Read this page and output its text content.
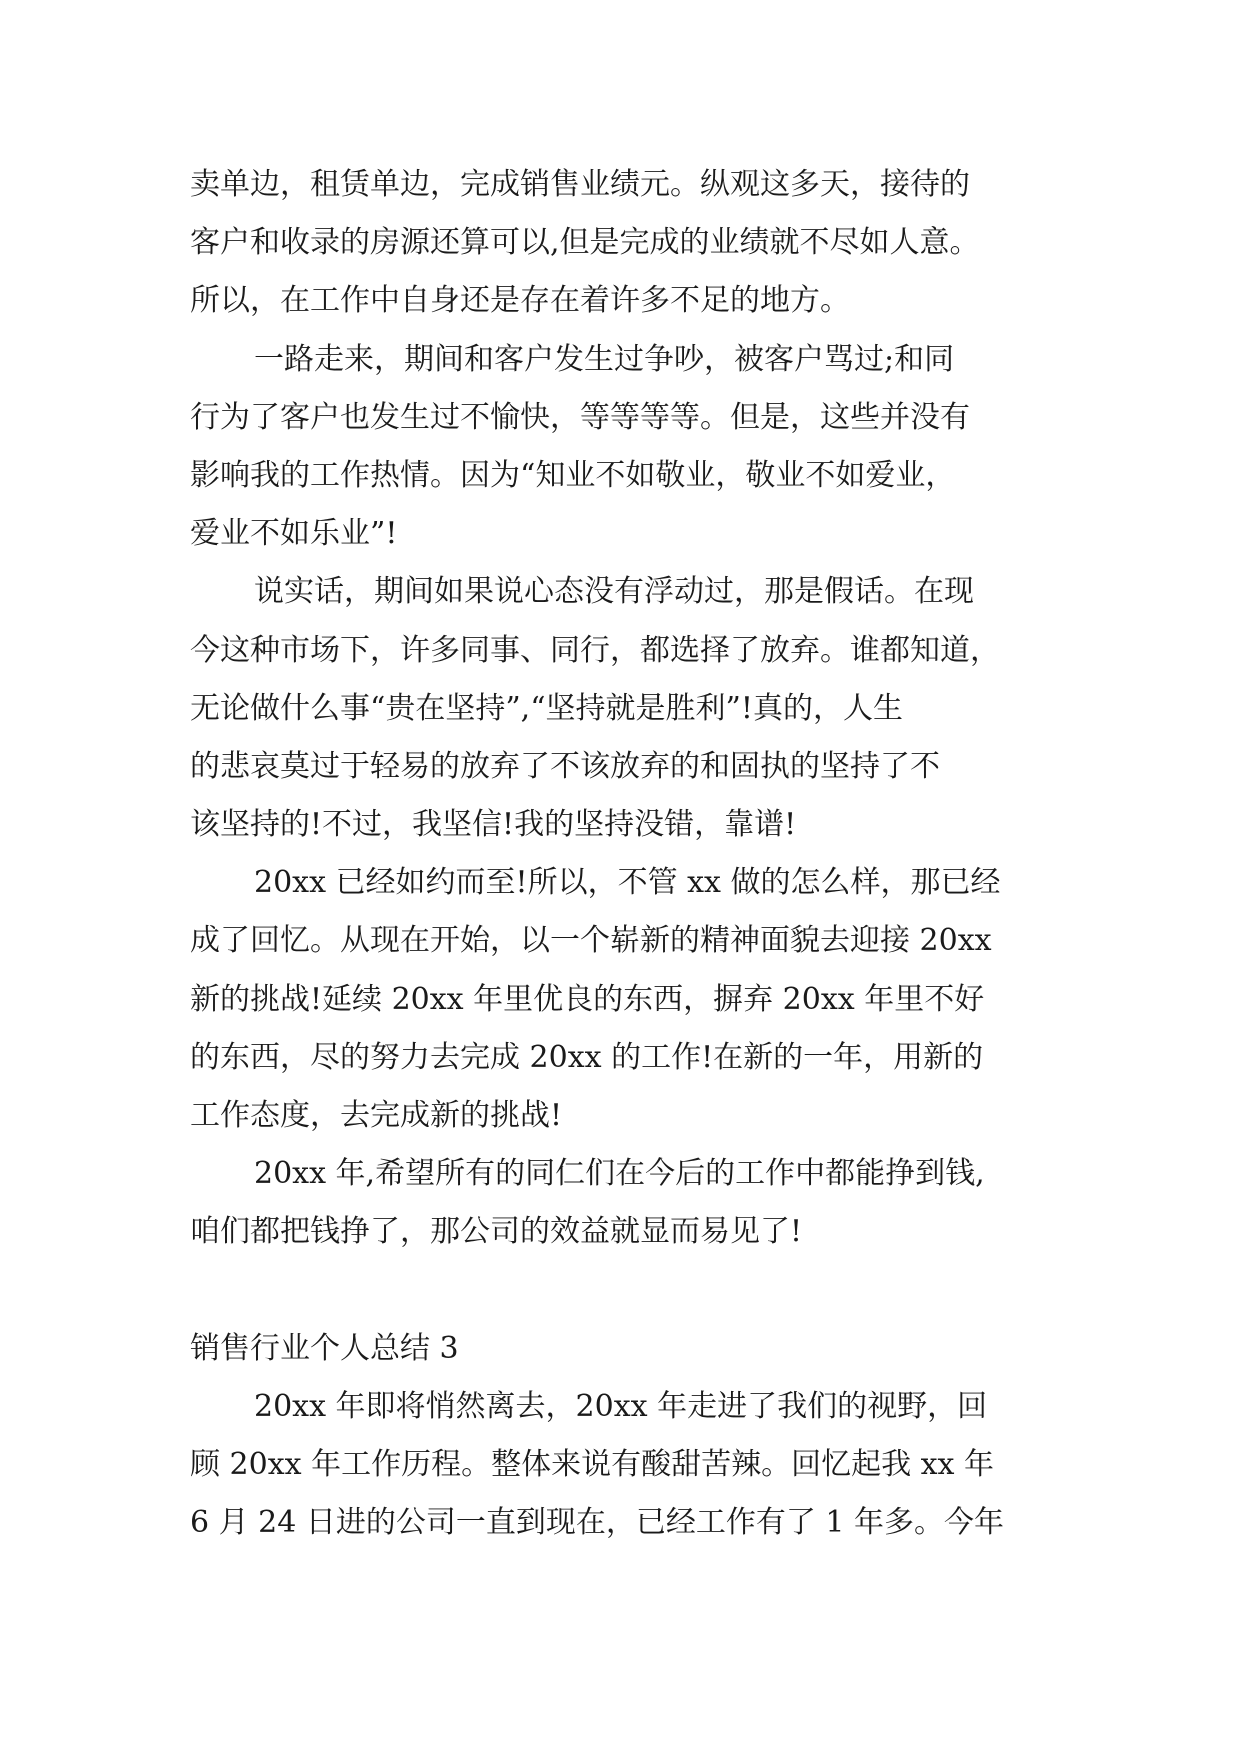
卖单边，租赁单边，完成销售业绩元。纵观这多天，接待的
客户和收录的房源还算可以,但是完成的业绩就不尽如人意。
所以，在工作中自身还是存在着许多不足的地方。
一路走来，期间和客户发生过争吵，被客户骂过;和同
行为了客户也发生过不愉快，等等等等。但是，这些并没有
影响我的工作热情。因为“知业不如敬业，敬业不如爱业，
爱业不如乐业”!
说实话，期间如果说心态没有浮动过，那是假话。在现
今这种市场下，许多同事、同行，都选择了放弃。谁都知道，
无论做什么事“贵在坚持”,“坚持就是胜利”!真的，人生
的悲哀莫过于轻易的放弃了不该放弃的和固执的坚持了不
该坚持的!不过，我坚信!我的坚持没错，靠谱!
20xx 已经如约而至!所以，不管 xx 做的怎么样，那已经
成了回忆。从现在开始，以一个崭新的精神面貌去迎接 20xx
新的挑战!延续 20xx 年里优良的东西，摒弃 20xx 年里不好
的东西，尽的努力去完成 20xx 的工作!在新的一年，用新的
工作态度，去完成新的挑战!
20xx 年,希望所有的同仁们在今后的工作中都能挣到钱,
咱们都把钱挣了，那公司的效益就显而易见了!
销售行业个人总结 3
20xx 年即将悄然离去，20xx 年走进了我们的视野，回
顾 20xx 年工作历程。整体来说有酸甜苦辣。回忆起我 xx 年
6 月 24 日进的公司一直到现在，已经工作有了 1 年多。今年
